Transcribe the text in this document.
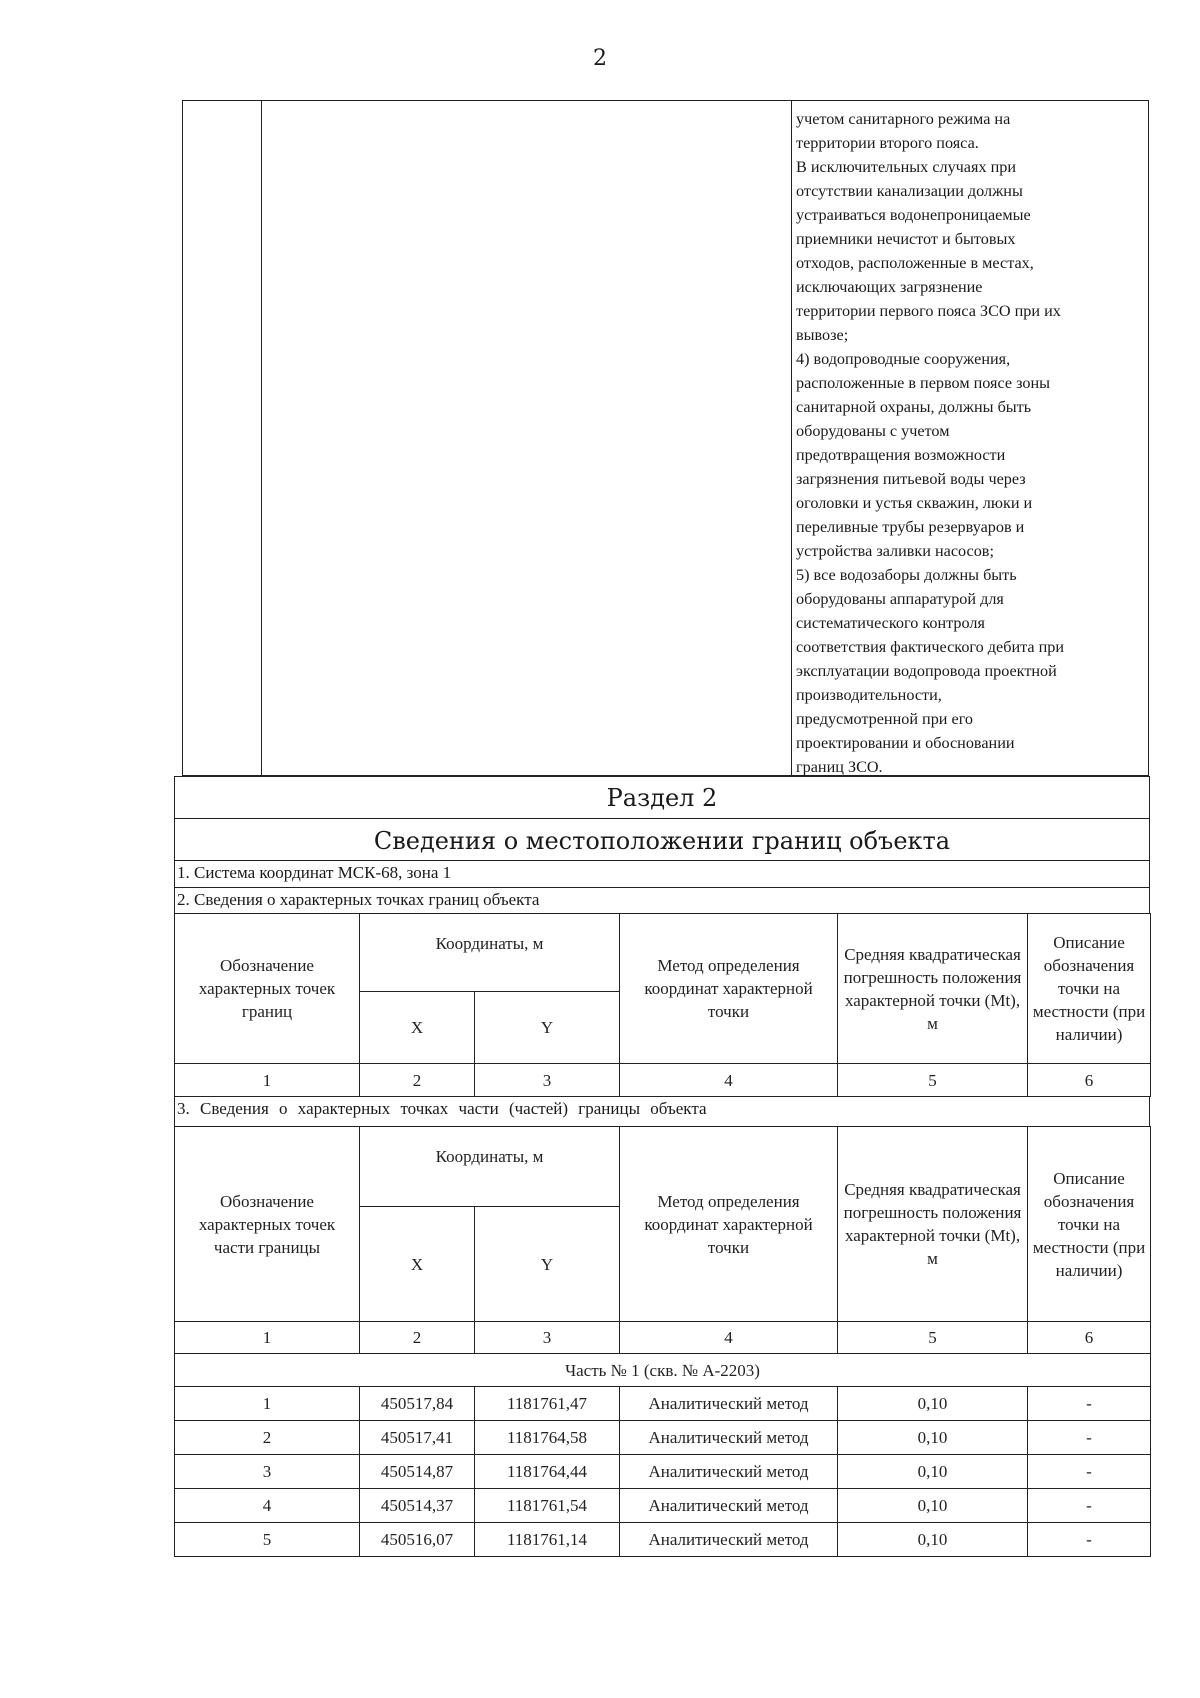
2
учетом санитарного режима на
территории второго пояса.
В исключительных случаях при
отсутствии канализации должны
устраиваться водонепроницаемые
приемники нечистот и бытовых
отходов, расположенные в местах,
исключающих загрязнение
территории первого пояса ЗСО при их
вывозе;
4) водопроводные сооружения,
расположенные в первом поясе зоны
санитарной охраны, должны быть
оборудованы с учетом
предотвращения возможности
загрязнения питьевой воды через
оголовки и устья скважин, люки и
переливные трубы резервуаров и
устройства заливки насосов;
5) все водозаборы должны быть
оборудованы аппаратурой для
систематического контроля
соответствия фактического дебита при
эксплуатации водопровода проектной
производительности,
предусмотренной при его
проектировании и обосновании
границ ЗСО.
Раздел 2
Сведения о местоположении границ объекта
1. Система координат МСК-68, зона 1
2. Сведения о характерных точках границ объекта
Обозначение характерных точек границ	Координаты, м		Метод определения координат характерной точки	Средняя квадратическая погрешность положения характерной точки (Mt), м	Описание обозначения точки на местности (при наличии)
	X	Y			
1	2	3	4	5	6
3. Сведения о характерных точках части (частей) границы объекта
Обозначение характерных точек части границы	Координаты, м		Метод определения координат характерной точки	Средняя квадратическая погрешность положения характерной точки (Mt), м	Описание обозначения точки на местности (при наличии)
	X	Y			
1	2	3	4	5	6
Часть № 1 (скв. № А-2203)					
1	450517,84	1181761,47	Аналитический метод	0,10	-
2	450517,41	1181764,58	Аналитический метод	0,10	-
3	450514,87	1181764,44	Аналитический метод	0,10	-
4	450514,37	1181761,54	Аналитический метод	0,10	-
5	450516,07	1181761,14	Аналитический метод	0,10	-
